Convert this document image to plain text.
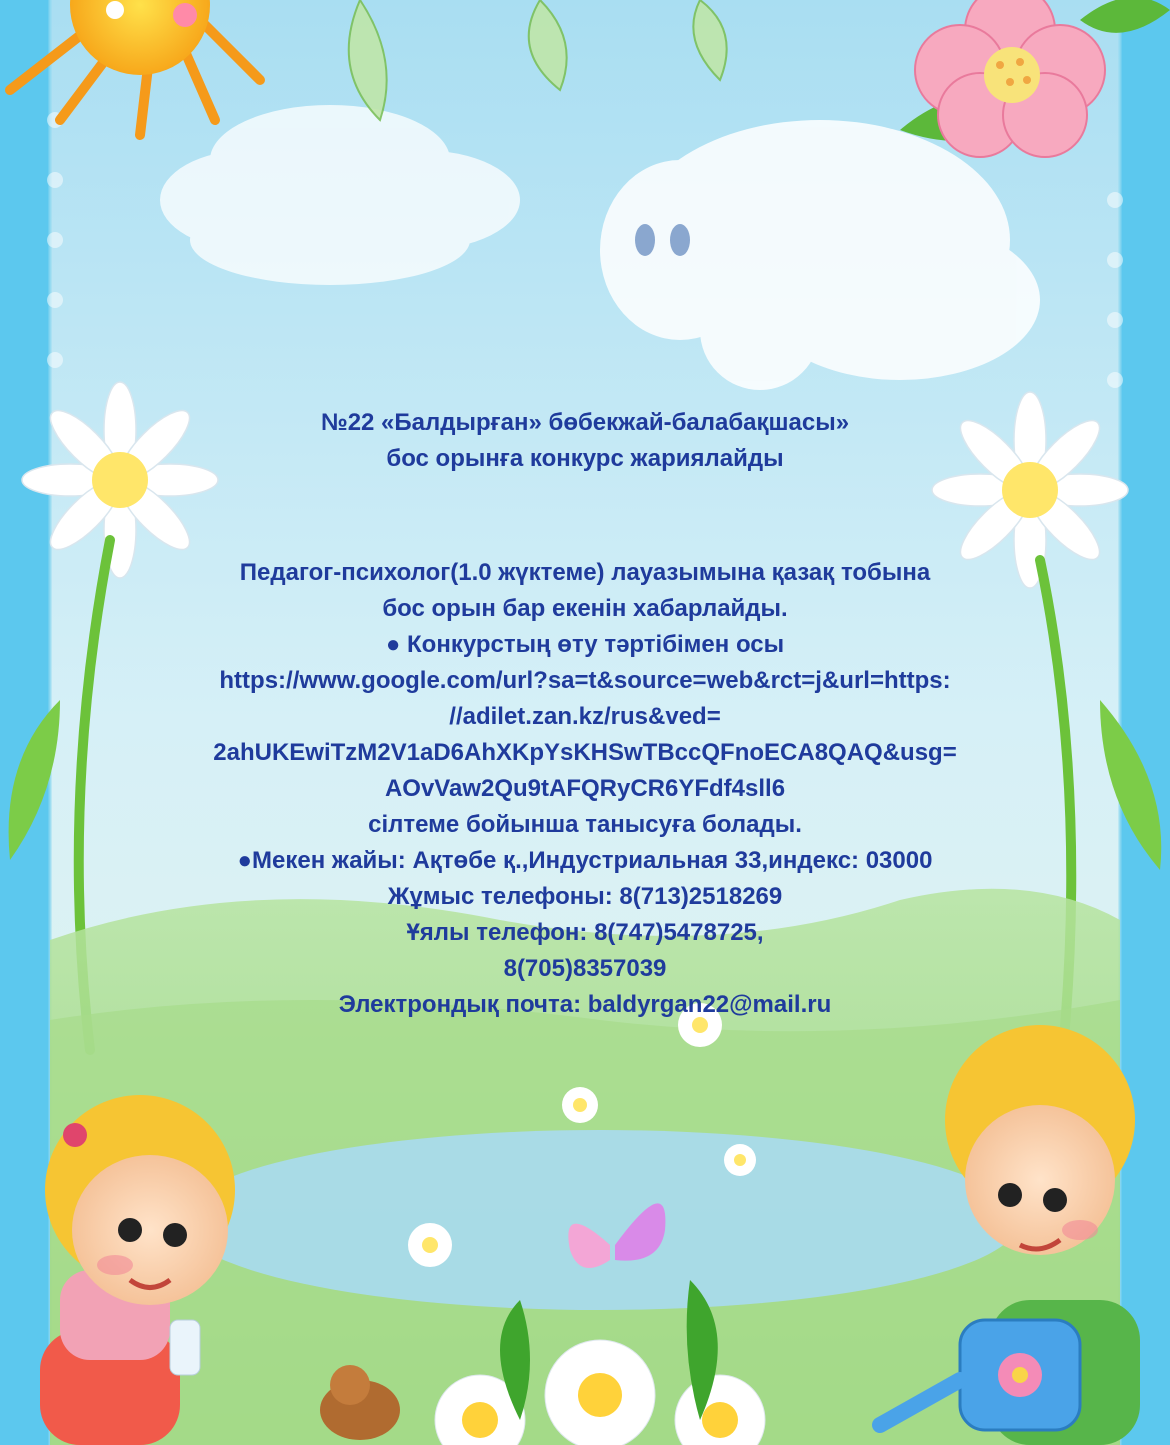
№22 «Балдырған» бөбекжай-балабақшасы»
бос орынға конкурс жариялайды
Педагог-психолог(1.0 жүктеме) лауазымына қазақ тобына
бос орын бар екенін хабарлайды.
● Конкурстың өту тәртібімен осы
https://www.google.com/url?sa=t&source=web&rct=j&url=https:
//adilet.zan.kz/rus&ved=
2ahUKEwiTzM2V1aD6AhXKpYsKHSwTBccQFnoECA8QAQ&usg=
AOvVaw2Qu9tAFQRyCR6YFdf4sll6
сілтеме бойынша танысуға болады.
●Мекен жайы: Ақтөбе қ.,Индустриальная 33,индекс: 03000
Жұмыс телефоны: 8(713)2518269
Ұялы телефон: 8(747)5478725,
8(705)8357039
Электрондық почта: baldyrgan22@mail.ru
